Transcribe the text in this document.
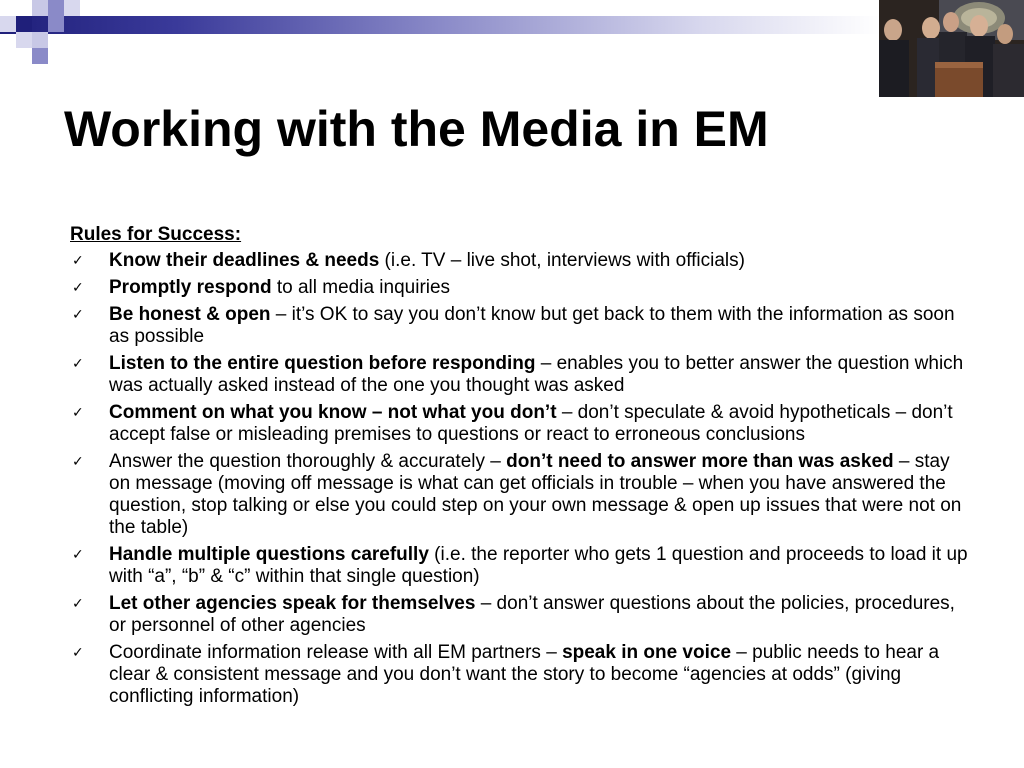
Working with the Media in EM
Rules for Success:
✓ Know their deadlines & needs (i.e. TV – live shot, interviews with officials)
✓ Promptly respond to all media inquiries
✓ Be honest & open – it’s OK to say you don’t know but get back to them with the information as soon as possible
✓ Listen to the entire question before responding – enables you to better answer the question which was actually asked instead of the one you thought was asked
✓ Comment on what you know – not what you don’t – don’t speculate & avoid hypotheticals – don’t accept false or misleading premises to questions or react to erroneous conclusions
✓ Answer the question thoroughly & accurately – don’t need to answer more than was asked – stay on message (moving off message is what can get officials in trouble – when you have answered the question, stop talking or else you could step on your own message & open up issues that were not on the table)
✓ Handle multiple questions carefully (i.e. the reporter who gets 1 question and proceeds to load it up with “a”, “b” & “c” within that single question)
✓ Let other agencies speak for themselves – don’t answer questions about the policies, procedures, or personnel of other agencies
✓ Coordinate information release with all EM partners – speak in one voice – public needs to hear a clear & consistent message and you don’t want the story to become “agencies at odds” (giving conflicting information)
